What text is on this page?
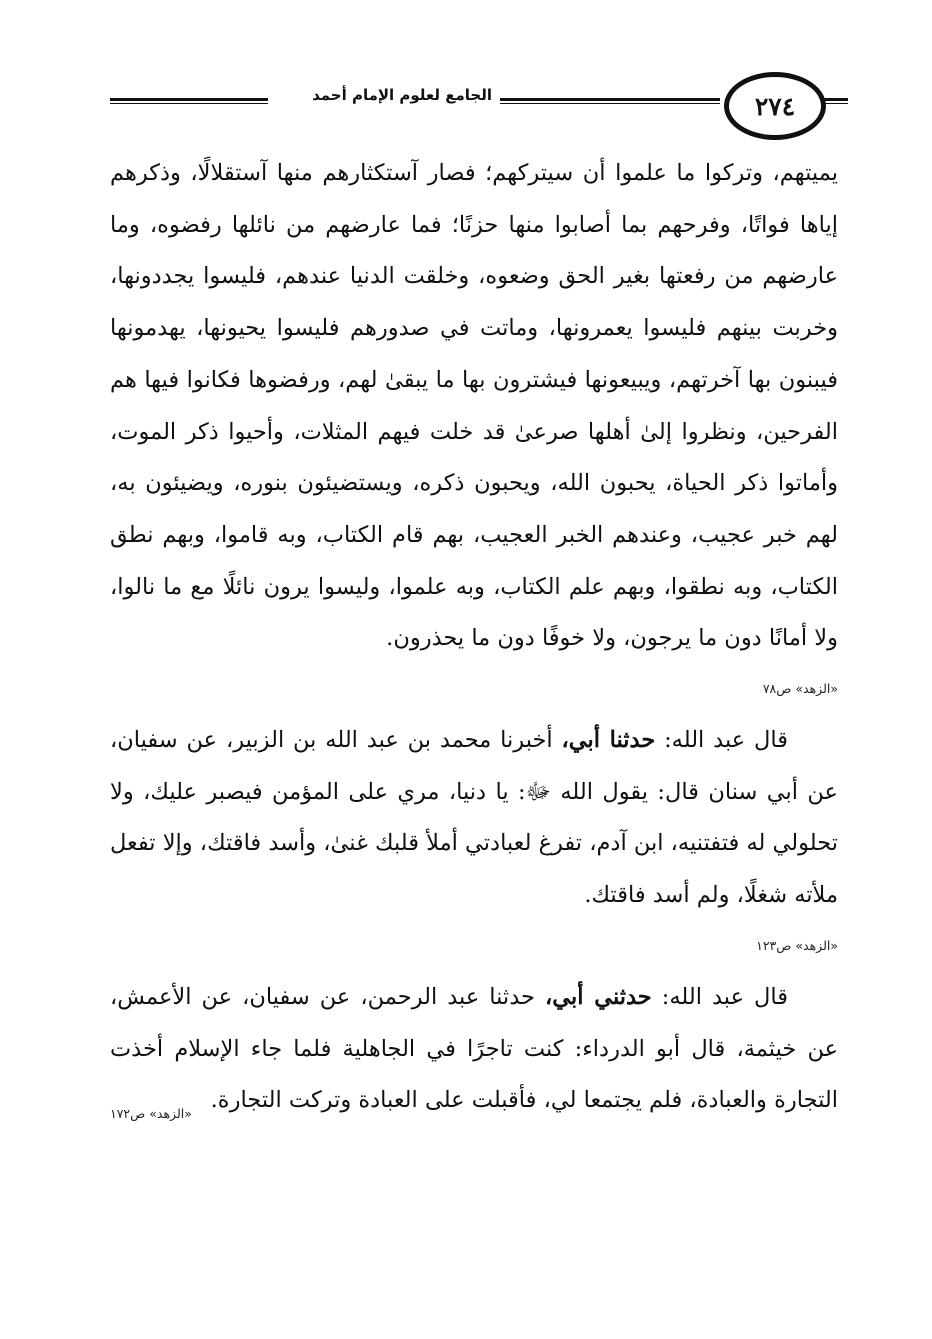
٢٧٤
الجامع لعلوم الإمام أحمد

يميتهم، وتركوا ما علموا أن سيتركهم؛ فصار آستكثارهم منها آستقلالًا، وذكرهم إياها فواتًا، وفرحهم بما أصابوا منها حزنًا؛ فما عارضهم من نائلها رفضوه، وما عارضهم من رفعتها بغير الحق وضعوه، وخلقت الدنيا عندهم، فليسوا يجددونها، وخربت بينهم فليسوا يعمرونها، وماتت في صدورهم فليسوا يحيونها، يهدمونها فيبنون بها آخرتهم، ويبيعونها فيشترون بها ما يبقىٰ لهم، ورفضوها فكانوا فيها هم الفرحين، ونظروا إلىٰ أهلها صرعىٰ قد خلت فيهم المثلات، وأحيوا ذكر الموت، وأماتوا ذكر الحياة، يحبون الله، ويحبون ذكره، ويستضيئون بنوره، ويضيئون به، لهم خبر عجيب، وعندهم الخبر العجيب، بهم قام الكتاب، وبه قاموا، وبهم نطق الكتاب، وبه نطقوا، وبهم علم الكتاب، وبه علموا، وليسوا يرون نائلًا مع ما نالوا، ولا أمانًا دون ما يرجون، ولا خوفًا دون ما يحذرون.

«الزهد» ص٧٨

قال عبد الله: حدثنا أبي، أخبرنا محمد بن عبد الله بن الزبير، عن سفيان، عن أبي سنان قال: يقول الله ﷻ: يا دنيا، مري على المؤمن فيصبر عليك، ولا تحلولي له فتفتنيه، ابن آدم، تفرغ لعبادتي أملأ قلبك غنىٰ، وأسد فاقتك، وإلا تفعل ملأته شغلًا، ولم أسد فاقتك.

«الزهد» ص١٢٣

قال عبد الله: حدثني أبي، حدثنا عبد الرحمن، عن سفيان، عن الأعمش، عن خيثمة، قال أبو الدرداء: كنت تاجرًا في الجاهلية فلما جاء الإسلام أخذت التجارة والعبادة، فلم يجتمعا لي، فأقبلت على العبادة وتركت التجارة.

«الزهد» ص١٧٢
